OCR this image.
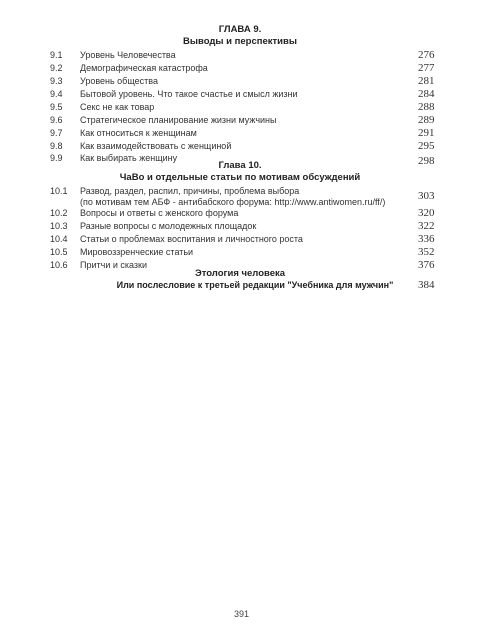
ГЛАВА 9.
Выводы и перспективы
9.1 Уровень Человечества	276
9.2 Демографическая катастрофа	277
9.3 Уровень общества	281
9.4 Бытовой уровень. Что такое счастье и смысл жизни	284
9.5 Секс не как товар	288
9.6 Стратегическое планирование жизни мужчины	289
9.7 Как относиться к женщинам	291
9.8 Как взаимодействовать с женщиной	295
9.9 Как выбирать женщину	298
Глава 10.
ЧаВо и отдельные статьи по мотивам обсуждений
10.1 Развод, раздел, распил, причины, проблема выбора
(по мотивам тем АБФ - антибабского форума: http://www.antiwomen.ru/ff/)	303
10.2 Вопросы и ответы с женского форума	320
10.3 Разные вопросы с молодежных площадок	322
10.4 Статьи о проблемах воспитания и личностного роста	336
10.5 Мировоззренческие статьи	352
10.6 Притчи и сказки	376
Этология человека
Или послесловие к третьей редакции "Учебника для мужчин"	384
391
